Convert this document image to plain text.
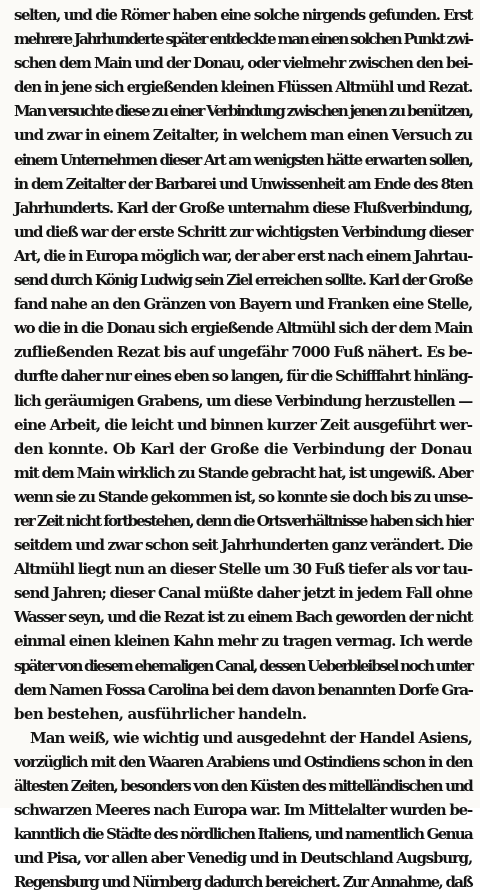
selten, und die Römer haben eine solche nirgends gefunden. Erst
mehrere Jahrhunderte später entdeckte man einen solchen Punkt zwi-
schen dem Main und der Donau, oder vielmehr zwischen den bei-
den in jene sich ergießenden kleinen Flüssen Altmühl und Rezat.
Man versuchte diese zu einer Verbindung zwischen jenen zu benützen,
und zwar in einem Zeitalter, in welchem man einen Versuch zu
einem Unternehmen dieser Art am wenigsten hätte erwarten sollen,
in dem Zeitalter der Barbarei und Unwissenheit am Ende des 8ten
Jahrhunderts. Karl der Große unternahm diese Flußverbindung,
und dieß war der erste Schritt zur wichtigsten Verbindung dieser
Art, die in Europa möglich war, der aber erst nach einem Jahrtau-
send durch König Ludwig sein Ziel erreichen sollte. Karl der Große
fand nahe an den Gränzen von Bayern und Franken eine Stelle,
wo die in die Donau sich ergießende Altmühl sich der dem Main
zufließenden Rezat bis auf ungefähr 7000 Fuß nähert. Es be-
durfte daher nur eines eben so langen, für die Schifffahrt hinläng-
lich geräumigen Grabens, um diese Verbindung herzustellen —
eine Arbeit, die leicht und binnen kurzer Zeit ausgeführt wer-
den konnte. Ob Karl der Große die Verbindung der Donau
mit dem Main wirklich zu Stande gebracht hat, ist ungewiß. Aber
wenn sie zu Stande gekommen ist, so konnte sie doch bis zu unse-
rer Zeit nicht fortbestehen, denn die Ortsverhältnisse haben sich hier
seitdem und zwar schon seit Jahrhunderten ganz verändert. Die
Altmühl liegt nun an dieser Stelle um 30 Fuß tiefer als vor tau-
send Jahren; dieser Canal müßte daher jetzt in jedem Fall ohne
Wasser seyn, und die Rezat ist zu einem Bach geworden der nicht
einmal einen kleinen Kahn mehr zu tragen vermag. Ich werde
später von diesem ehemaligen Canal, dessen Ueberbleibsel noch unter
dem Namen Fossa Carolina bei dem davon benannten Dorfe Gra-
ben bestehen, ausführlicher handeln.
Man weiß, wie wichtig und ausgedehnt der Handel Asiens,
vorzüglich mit den Waaren Arabiens und Ostindiens schon in den
ältesten Zeiten, besonders von den Küsten des mittelländischen und
schwarzen Meeres nach Europa war. Im Mittelalter wurden be-
kanntlich die Städte des nördlichen Italiens, und namentlich Genua
und Pisa, vor allen aber Venedig und in Deutschland Augsburg,
Regensburg und Nürnberg dadurch bereichert. Zur Annahme, daß
